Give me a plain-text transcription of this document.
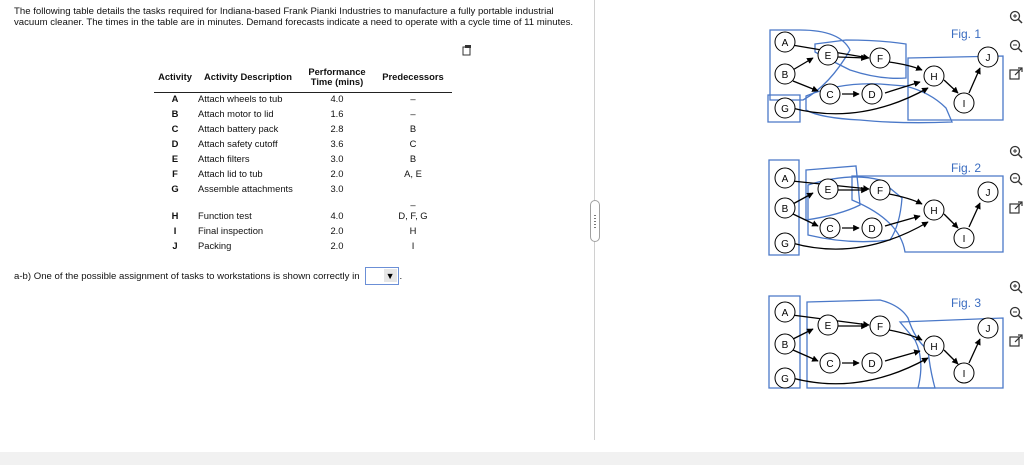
The following table details the tasks required for Indiana-based Frank Pianki Industries to manufacture a fully portable industrial vacuum cleaner. The times in the table are in minutes. Demand forecasts indicate a need to operate with a cycle time of 11 minutes.

Activity	Activity Description	Performance Time (mins)	Predecessors
A	Attach wheels to tub	4.0	–
B	Attach motor to lid	1.6	–
C	Attach battery pack	2.8	B
D	Attach safety cutoff	3.6	C
E	Attach filters	3.0	B
F	Attach lid to tub	2.0	A, E
G	Assemble attachments	3.0	–
H	Function test	4.0	D, F, G
I	Final inspection	2.0	H
J	Packing	2.0	I
a-b) One of the possible assignment of tasks to workstations is shown correctly in	▼ .
Fig. 1
A
B
G
E	F
C	D
H
I
J
Fig. 2
A
B
G
E	F
C	D
H
I
J
Fig. 3
A
B
G
E	F
C	D
H
I
J
